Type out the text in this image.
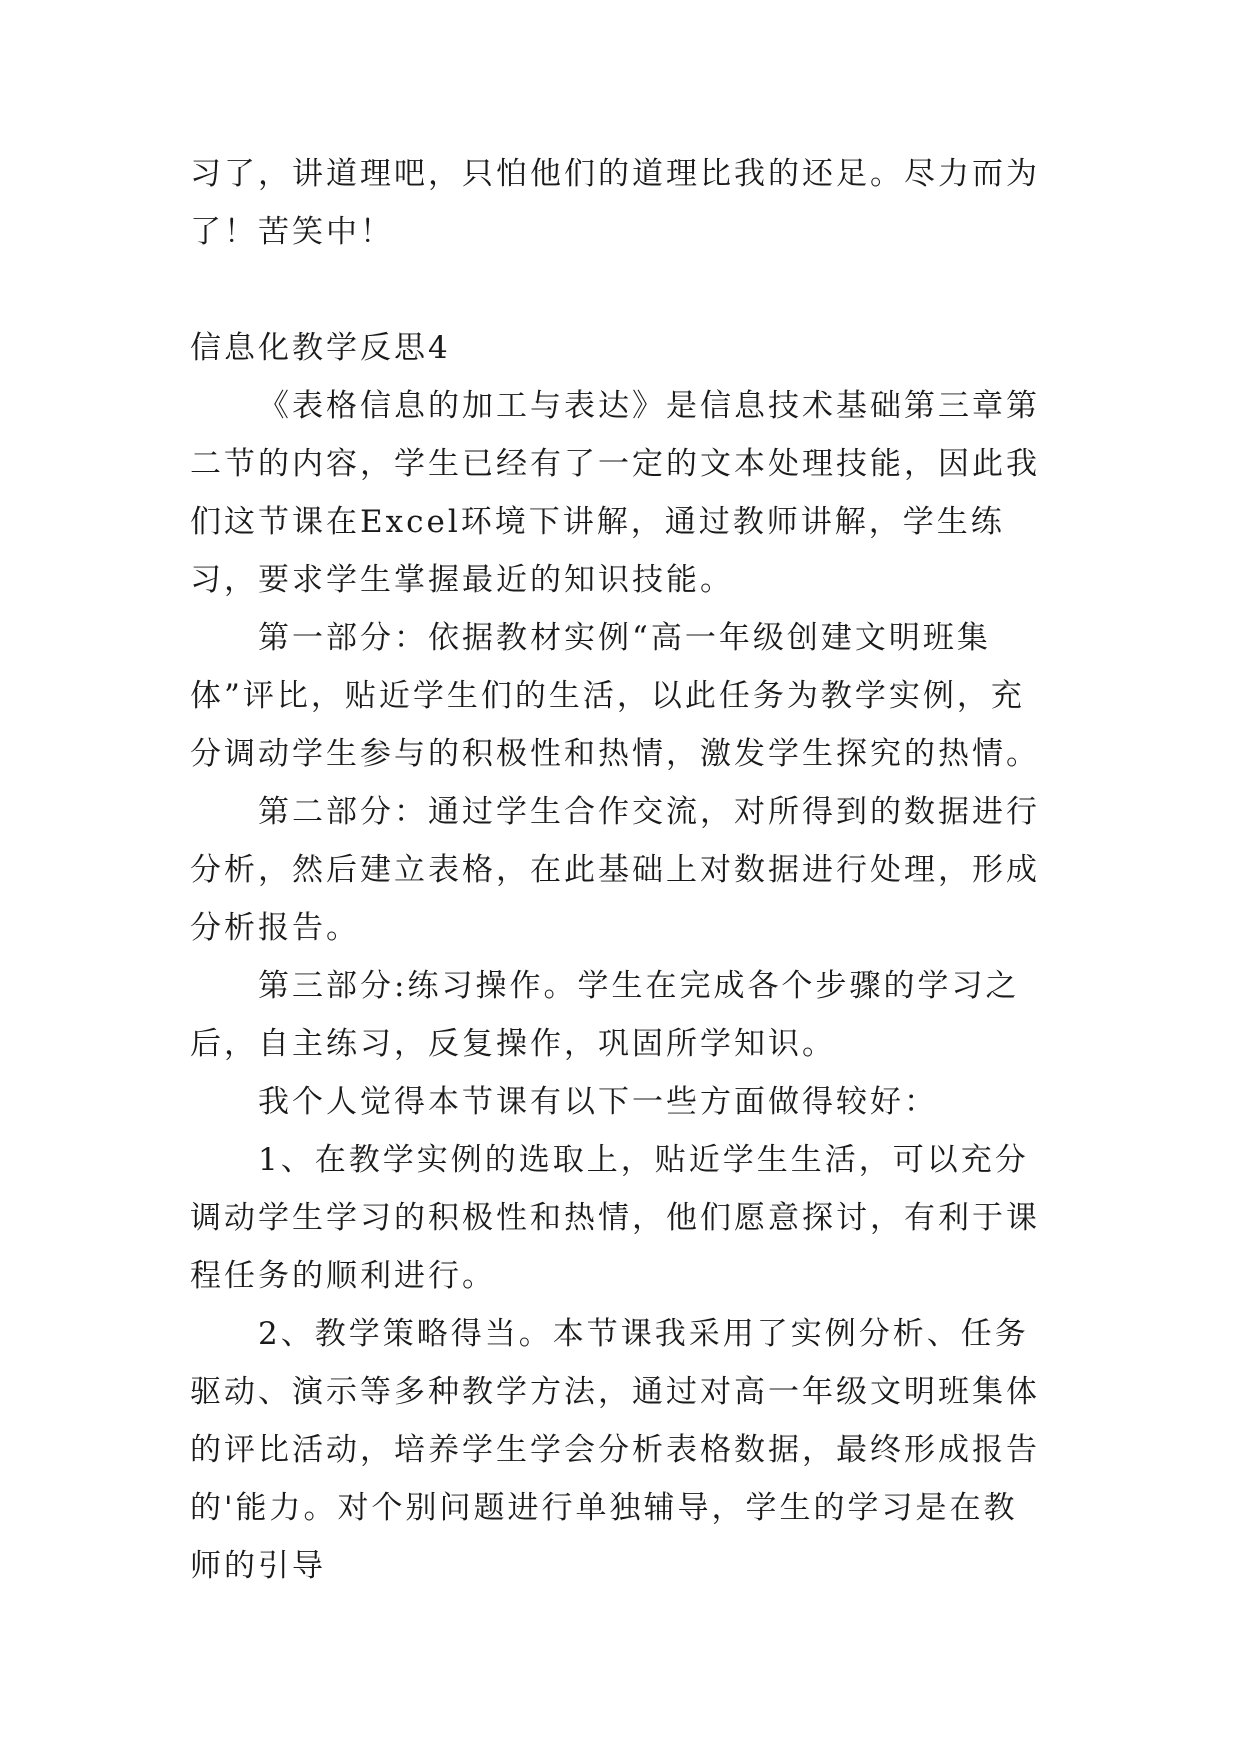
习了，讲道理吧，只怕他们的道理比我的还足。尽力而为了！苦笑中！

信息化教学反思4

《表格信息的加工与表达》是信息技术基础第三章第二节的内容，学生已经有了一定的文本处理技能，因此我们这节课在Excel环境下讲解，通过教师讲解，学生练习，要求学生掌握最近的知识技能。

第一部分：依据教材实例“高一年级创建文明班集体”评比，贴近学生们的生活，以此任务为教学实例，充分调动学生参与的积极性和热情，激发学生探究的热情。

第二部分：通过学生合作交流，对所得到的数据进行分析，然后建立表格，在此基础上对数据进行处理，形成分析报告。

第三部分:练习操作。学生在完成各个步骤的学习之后，自主练习，反复操作，巩固所学知识。

我个人觉得本节课有以下一些方面做得较好：

1、在教学实例的选取上，贴近学生生活，可以充分调动学生学习的积极性和热情，他们愿意探讨，有利于课程任务的顺利进行。

2、教学策略得当。本节课我采用了实例分析、任务驱动、演示等多种教学方法，通过对高一年级文明班集体的评比活动，培养学生学会分析表格数据，最终形成报告的'能力。对个别问题进行单独辅导，学生的学习是在教师的引导
